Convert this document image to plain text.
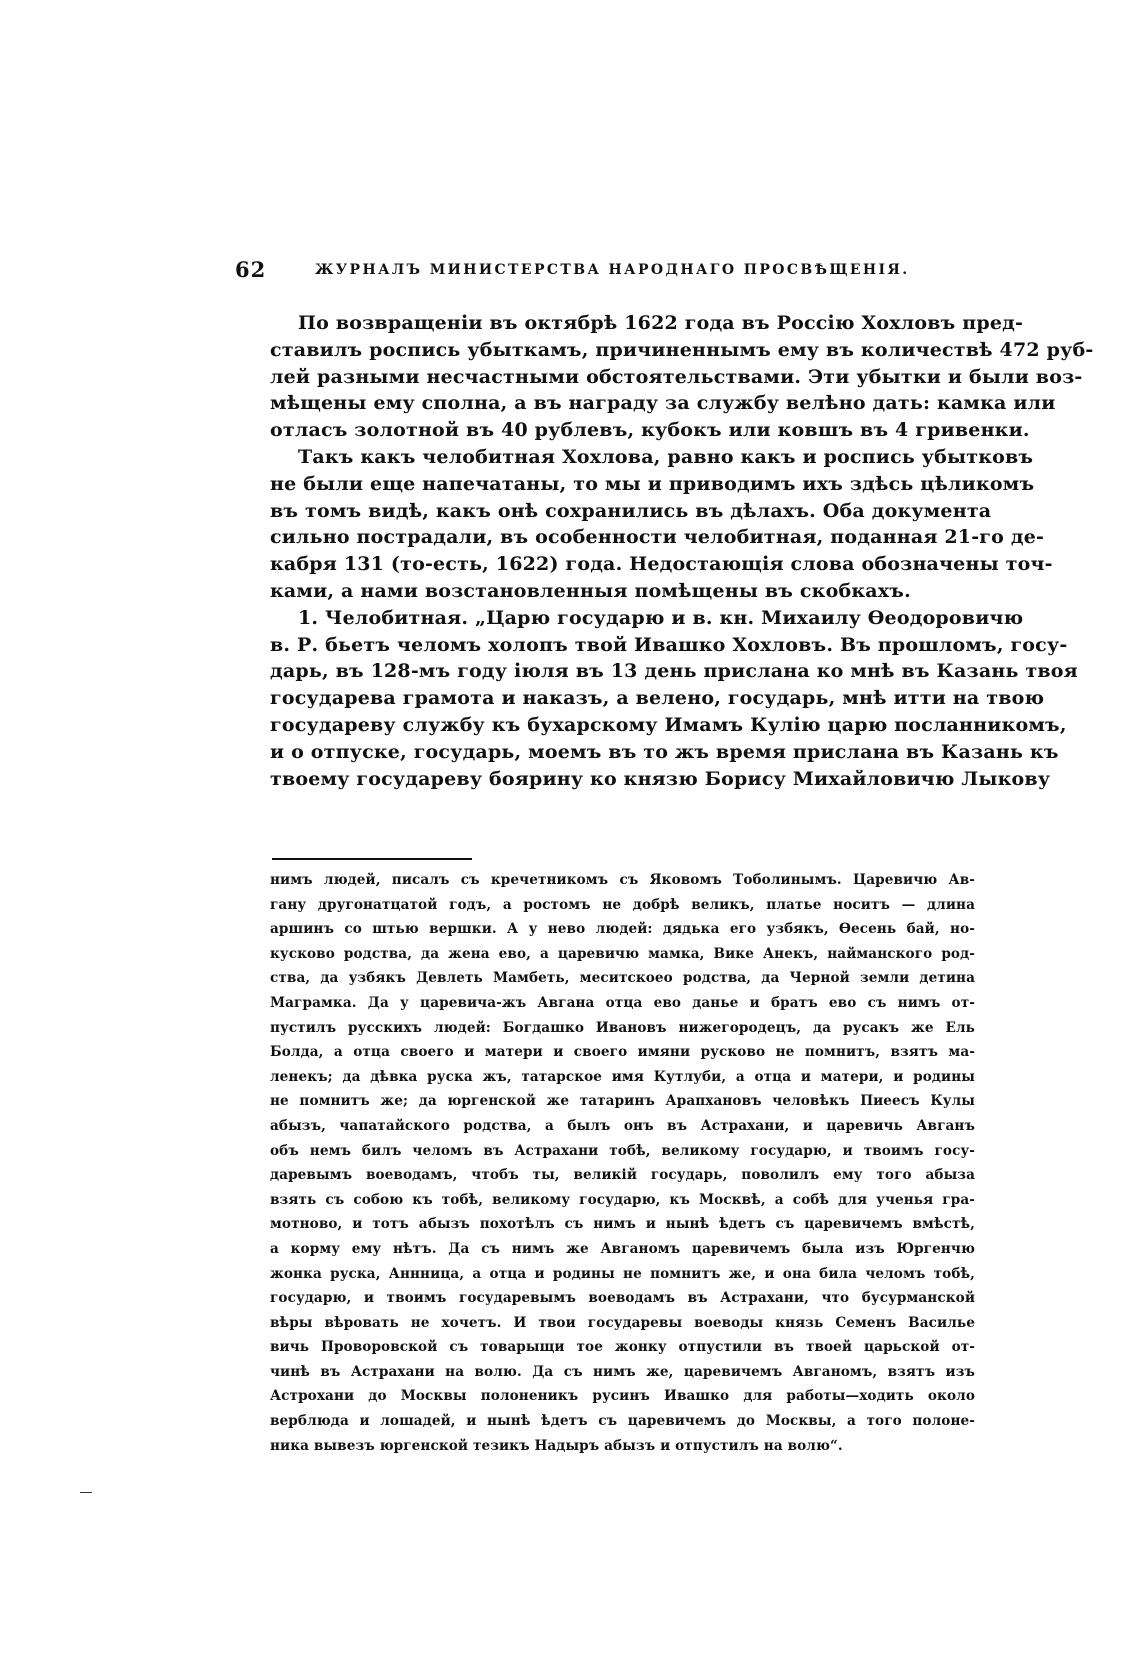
62	ЖУРНАЛЪ МИНИСТЕРСТВА НАРОДНАГО ПРОСВѢЩЕНІЯ.
По возвращеніи въ октябрѣ 1622 года въ Россію Хохловъ пред-
ставилъ роспись убыткамъ, причиненнымъ ему въ количествѣ 472 руб-
лей разными несчастными обстоятельствами. Эти убытки и были воз-
мѣщены ему сполна, а въ награду за службу велѣно дать: камка или
отласъ золотной въ 40 рублевъ, кубокъ или ковшъ въ 4 гривенки.
Такъ какъ челобитная Хохлова, равно какъ и роспись убытковъ
не были еще напечатаны, то мы и приводимъ ихъ здѣсь цѣликомъ
въ томъ видѣ, какъ онѣ сохранились въ дѣлахъ. Оба документа
сильно пострадали, въ особенности челобитная, поданная 21-го де-
кабря 131 (то-есть, 1622) года. Недостающія слова обозначены точ-
ками, а нами возстановленныя помѣщены въ скобкахъ.
1. Челобитная. „Царю государю и в. кн. Михаилу Өеодоровичю
в. Р. бьетъ челомъ холопъ твой Ивашко Хохловъ. Въ прошломъ, госу-
дарь, въ 128-мъ году іюля въ 13 день прислана ко мнѣ въ Казань твоя
государева грамота и наказъ, а велено, государь, мнѣ итти на твою
государеву службу къ бухарскому Имамъ Кулію царю посланникомъ,
и о отпуске, государь, моемъ въ то жъ время прислана въ Казань къ
твоему государеву боярину ко князю Борису Михайловичю Лыкову
нимъ людей, писалъ съ кречетникомъ съ Яковомъ Тоболинымъ. Царевичю Ав-
гану другонатцатой годъ, а ростомъ не добрѣ великъ, платье носитъ — длина
аршинъ со штью вершки. А у нево людей: дядька его узбякъ, Өесень бай, но-
кусково родства, да жена ево, а царевичю мамка, Вике Анекъ, найманского род-
ства, да узбякъ Девлеть Мамбеть, меситскоео родства, да Черной земли детина
Маграмка. Да у царевича-жъ Авгана отца ево даньe и братъ ево съ нимъ от-
пустилъ русскихъ людей: Богдашко Ивановъ нижегородецъ, да русакъ же Ель
Болда, а отца своего и матери и своего имяни русково не помнитъ, взятъ ма-
ленекъ; да дѣвка руска жъ, татарское имя Кутлуби, а отца и матери, и родины
не помнитъ же; да юргенской же татаринъ Арапхановъ человѣкъ Пиеесъ Кулы
абызъ, чапатайского родства, а былъ онъ въ Астрахани, и царевичь Авганъ
объ немъ билъ челомъ въ Астрахани тобѣ, великому государю, и твоимъ госу-
даревымъ воеводамъ, чтобъ ты, великій государь, поволилъ ему того абыза
взять съ собою къ тобѣ, великому государю, къ Москвѣ, а собѣ для ученья гра-
мотново, и тотъ абызъ похотѣлъ съ нимъ и нынѣ ѣдетъ съ царевичемъ вмѣстѣ,
а корму ему нѣтъ. Да съ нимъ же Авганомъ царевичемъ была изъ Юргенчю
жонка руска, Аннница, а отца и родины не помнитъ же, и она била челомъ тобѣ,
государю, и твоимъ государевымъ воеводамъ въ Астрахани, что бусурманской
вѣры вѣровать не хочетъ. И твои государевы воеводы князь Семенъ Василье
вичь Проворовской съ товарыщи тое жонку отпустили въ твоей царьской от-
чинѣ въ Астрахани на волю. Да съ нимъ же, царевичемъ Авганомъ, взятъ изъ
Астрохани до Москвы полоненикъ русинъ Ивашко для работы—ходить около
верблюда и лошадей, и нынѣ ѣдетъ съ царевичемъ до Москвы, а того полоне-
ника вывезъ юргенской тезикъ Надыръ абызъ и отпустилъ на волю“.
